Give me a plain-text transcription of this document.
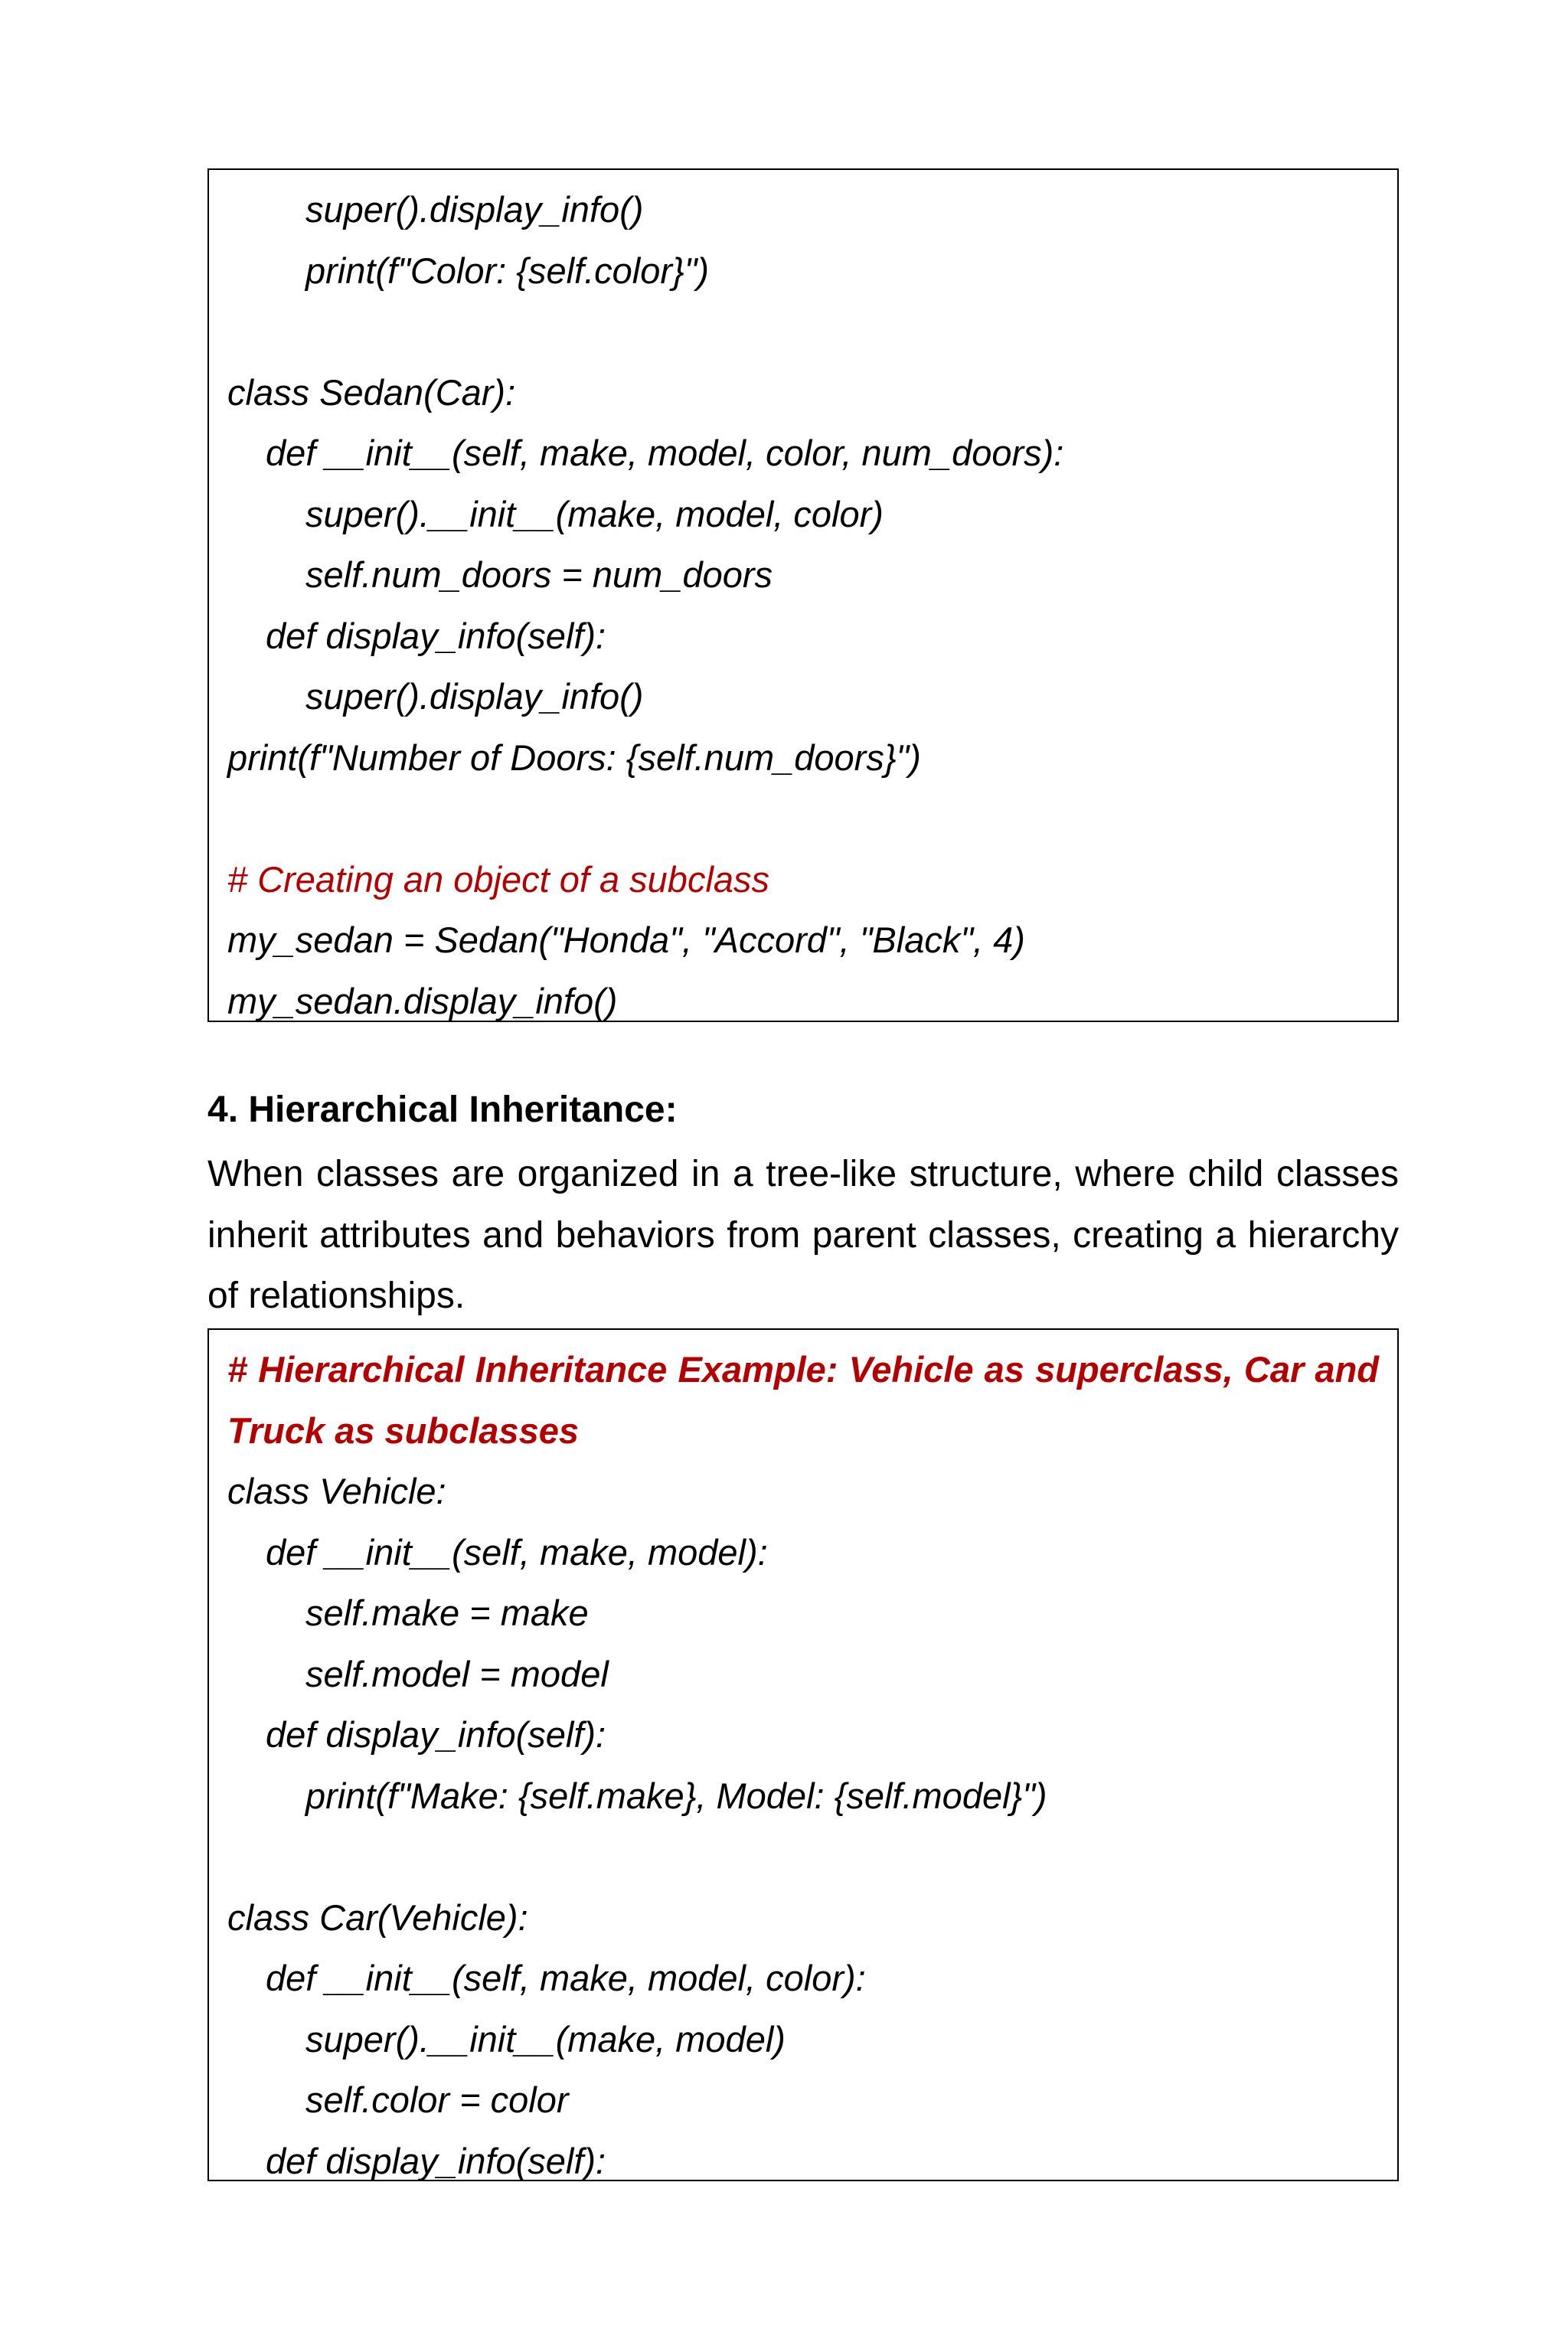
super().display_info()
print(f"Color: {self.color}")
class Sedan(Car):
def __init__(self, make, model, color, num_doors):
super().__init__(make, model, color)
self.num_doors = num_doors
def display_info(self):
super().display_info()
print(f"Number of Doors: {self.num_doors}")
# Creating an object of a subclass
my_sedan = Sedan("Honda", "Accord", "Black", 4)
my_sedan.display_info()
4. Hierarchical Inheritance:

When classes are organized in a tree-like structure, where child classes inherit attributes and behaviors from parent classes, creating a hierarchy of relationships.

# Hierarchical Inheritance Example: Vehicle as superclass, Car and Truck as subclasses

class Vehicle:
def __init__(self, make, model):
self.make = make
self.model = model
def display_info(self):
print(f"Make: {self.make}, Model: {self.model}")
class Car(Vehicle):
def __init__(self, make, model, color):
super().__init__(make, model)
self.color = color
def display_info(self):
